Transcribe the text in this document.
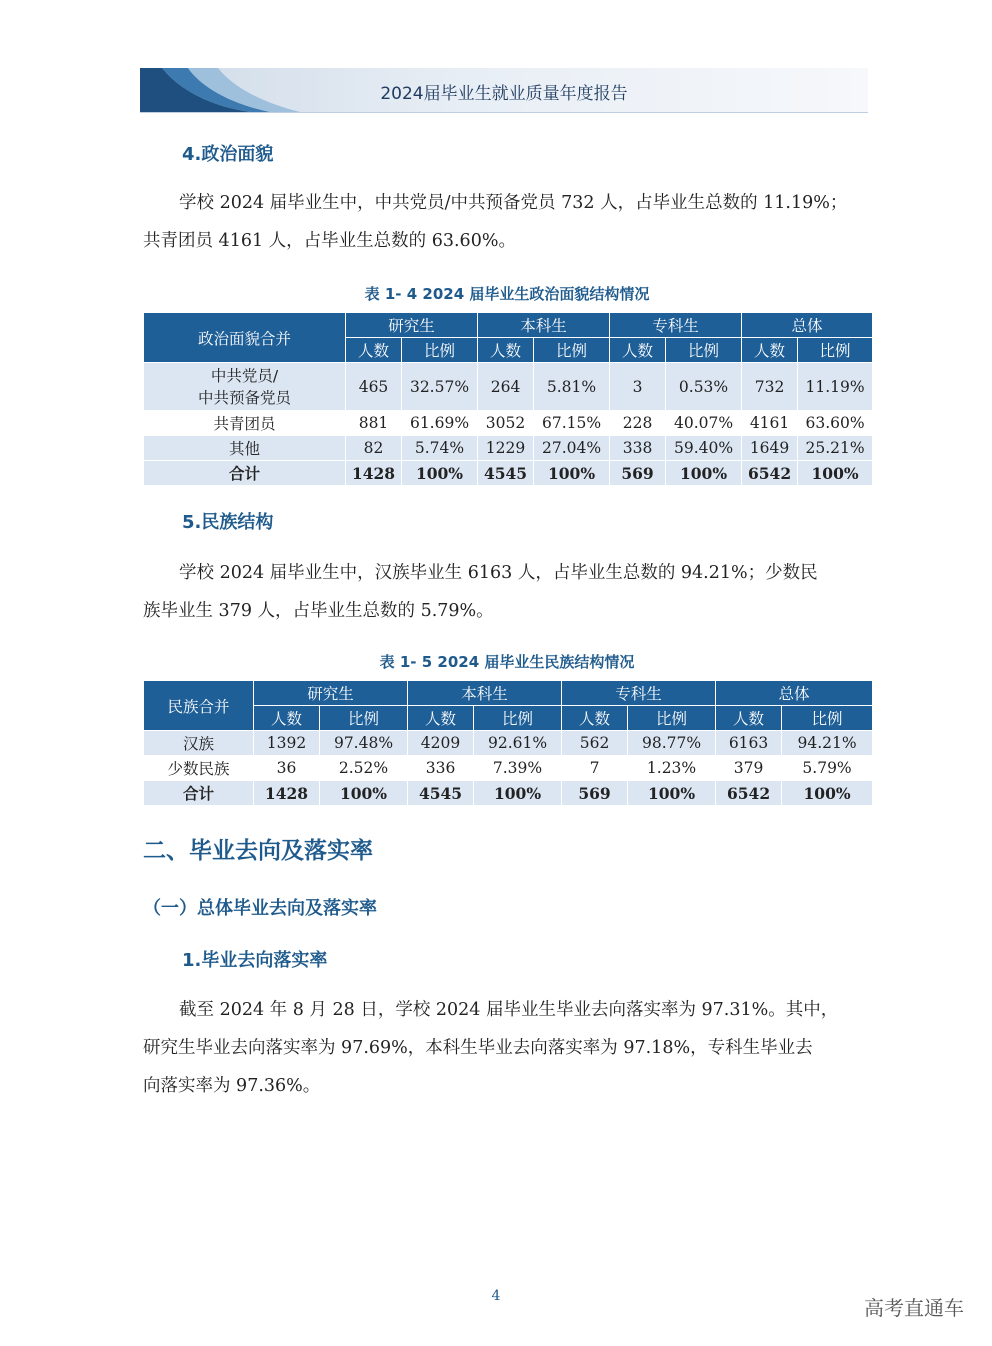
2024届毕业生就业质量年度报告
4.政治面貌
学校 2024 届毕业生中，中共党员/中共预备党员 732 人，占毕业生总数的 11.19%；
共青团员 4161 人，占毕业生总数的 63.60%。
表 1- 4 2024 届毕业生政治面貌结构情况
政治面貌合并	研究生		本科生		专科生		总体	
	人数	比例	人数	比例	人数	比例	人数	比例

中共党员/
中共预备党员	465	32.57%	264	5.81%	3	0.53%	732	11.19%
共青团员	881	61.69%	3052	67.15%	228	40.07%	4161	63.60%
其他	82	5.74%	1229	27.04%	338	59.40%	1649	25.21%
合计	1428	100%	4545	100%	569	100%	6542	100%
5.民族结构
学校 2024 届毕业生中，汉族毕业生 6163 人，占毕业生总数的 94.21%；少数民
族毕业生 379 人，占毕业生总数的 5.79%。
表 1- 5 2024 届毕业生民族结构情况
民族合并	研究生		本科生		专科生		总体	
	人数	比例	人数	比例	人数	比例	人数	比例
汉族	1392	97.48%	4209	92.61%	562	98.77%	6163	94.21%
少数民族	36	2.52%	336	7.39%	7	1.23%	379	5.79%
合计	1428	100%	4545	100%	569	100%	6542	100%
二、毕业去向及落实率
（一）总体毕业去向及落实率
1.毕业去向落实率
截至 2024 年 8 月 28 日，学校 2024 届毕业生毕业去向落实率为 97.31%。其中，
研究生毕业去向落实率为 97.69%，本科生毕业去向落实率为 97.18%，专科生毕业去
向落实率为 97.36%。
4	高考直通车
